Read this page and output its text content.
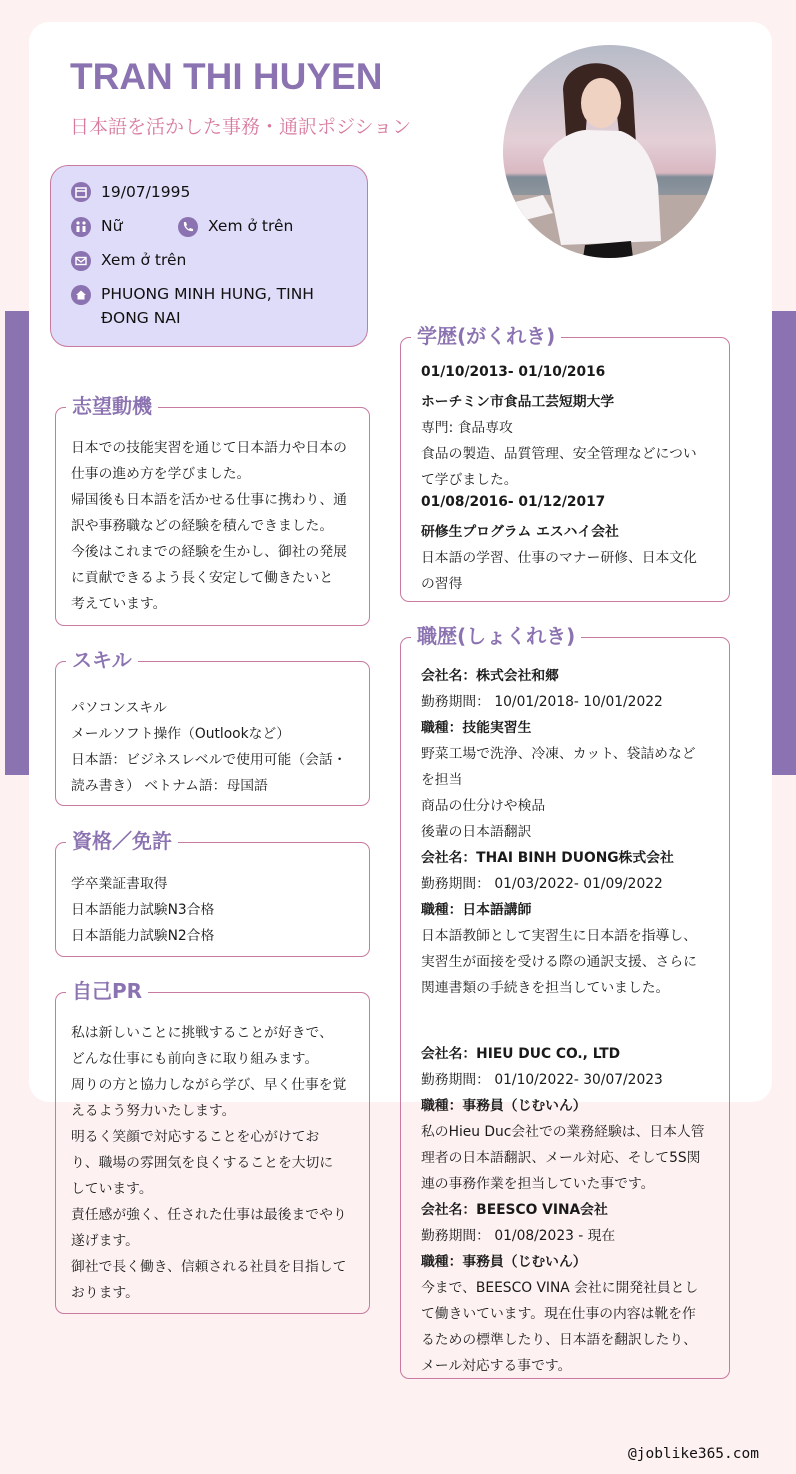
TRAN THI HUYEN

日本語を活かした事務・通訳ポジション

19/07/1995
Nữ	Xem ở trên
Xem ở trên
PHUONG MINH HUNG, TINH
ĐONG NAI
志望動機
日本での技能実習を通じて日本語力や日本の
仕事の進め方を学びました。
帰国後も日本語を活かせる仕事に携わり、通
訳や事務職などの経験を積んできました。
今後はこれまでの経験を生かし、御社の発展
に貢献できるよう長く安定して働きたいと
考えています。
スキル
パソコンスキル
メールソフト操作（Outlookなど）
日本語：ビジネスレベルで使用可能（会話・
読み書き） ベトナム語：母国語
資格／免許
学卒業証書取得
日本語能力試験N3合格
日本語能力試験N2合格
自己PR
私は新しいことに挑戦することが好きで、
どんな仕事にも前向きに取り組みます。
周りの方と協力しながら学び、早く仕事を覚
えるよう努力いたします。
明るく笑顔で対応することを心がけてお
り、職場の雰囲気を良くすることを大切に
しています。
責任感が強く、任された仕事は最後までやり
遂げます。
御社で長く働き、信頼される社員を目指して
おります。
学歴(がくれき)
01/10/2013- 01/10/2016
ホーチミン市食品工芸短期大学
専門: 食品専攻
食品の製造、品質管理、安全管理などについ
て学びました。
01/08/2016- 01/12/2017
研修生プログラム エスハイ会社
日本語の学習、仕事のマナー研修、日本文化
の習得
職歴(しょくれき)
会社名：株式会社和郷
勤務期間： 10/01/2018- 10/01/2022
職種：技能実習生
野菜工場で洗浄、冷凍、カット、袋詰めなど
を担当
商品の仕分けや検品
後輩の日本語翻訳
会社名：THAI BINH DUONG株式会社
勤務期間： 01/03/2022- 01/09/2022
職種：日本語講師
日本語教師として実習生に日本語を指導し、
実習生が面接を受ける際の通訳支援、さらに
関連書類の手続きを担当していました。
会社名：HIEU DUC CO., LTD
勤務期間： 01/10/2022- 30/07/2023
職種：事務員（じむいん）
私のHieu Duc会社での業務経験は、日本人管
理者の日本語翻訳、メール対応、そして5S関
連の事務作業を担当していた事です。
会社名：BEESCO VINA会社
勤務期間： 01/08/2023 - 現在
職種：事務員（じむいん）
今まで、BEESCO VINA 会社に開発社員とし
て働きいています。現在仕事の内容は靴を作
るための標準したり、日本語を翻訳したり、
メール対応する事です。
@joblike365.com
